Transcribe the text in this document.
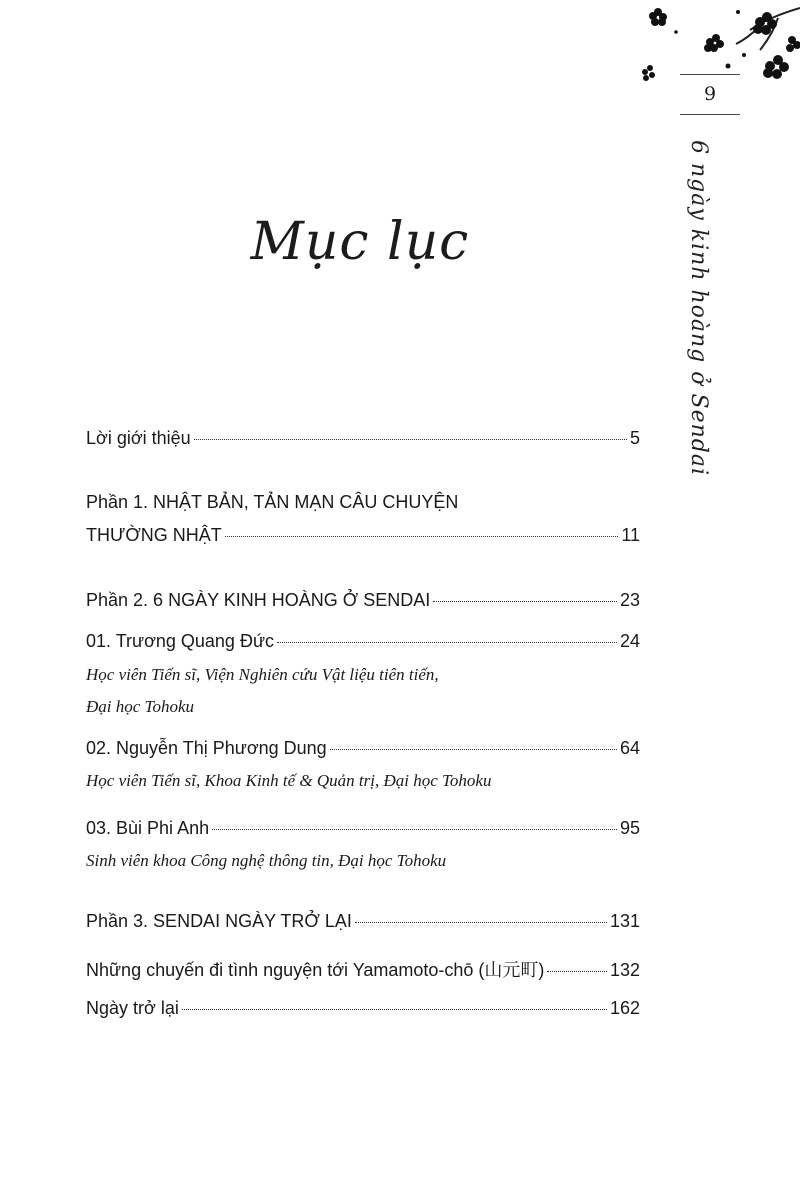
9
6 ngày kinh hoàng ở Sendai
Mục lục
Lời giới thiệu	5
Phần 1. NHẬT BẢN, TẢN MẠN CÂU CHUYỆN
THƯỜNG NHẬT	11
Phần 2. 6 NGÀY KINH HOÀNG Ở SENDAI	23
01. Trương Quang Đức	24
Học viên Tiến sĩ, Viện Nghiên cứu Vật liệu tiên tiến,
Đại học Tohoku
02. Nguyễn Thị Phương Dung	64
Học viên Tiến sĩ, Khoa Kinh tế & Quản trị, Đại học Tohoku
03. Bùi Phi Anh	95
Sinh viên khoa Công nghệ thông tin, Đại học Tohoku
Phần 3. SENDAI NGÀY TRỞ LẠI	131
Những chuyến đi tình nguyện tới Yamamoto-chō (山元町)	132
Ngày trở lại	162
